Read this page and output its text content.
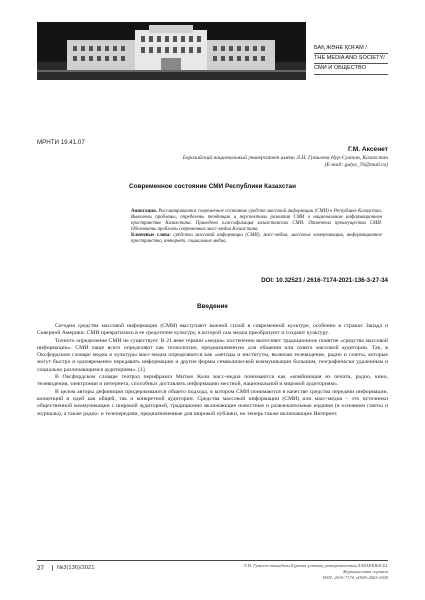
БАҚ ЖӘНЕ ҚОҒАМ /
THE MEDIA AND SOCIETY/
СМИ И ОБЩЕСТВО
МРНТИ 19.41.07
Г.М. Аксенет
Евразийский национальный университет имени Л.Н. Гумилева Нур-Султан, Казахстан
(E-mail: gulya_76@mail.ru)
Современное состояние СМИ Республики Казахстан

Аннотация. Рассматривается современное состояние средств массовой информации (СМИ) в Республике Казахстан. Выявлены проблемы, определены тенденции и перспективы развития СМИ в национальном информационном пространстве Казахстана. Приведена классификация казахстанских СМИ. Отмечены преимущества СМИ. Обозначены проблемы современных масс-медиа Казахстана.

Ключевые слова: средства массовой информации (СМИ), масс-медиа, массовые коммуникации, информационное пространство, интернет, социальные медиа.

DOI: 10.32523 / 2616-7174-2021-136-3-27-34
Введение

Сегодня средства массовой информации (СМИ) выступают важной силой в современной культуре, особенно в странах Запада и Северной Америки. СМИ превратились в ее средоточие культуру, в которой сам медиа преобразуют и создают культуру.

Точного определения СМИ не существует. В 21 веке термин «медиа» постепенно вытесняет традиционное понятие «средства массовой информации». СМИ чаще всего определяют как технологию, предназначенную для общения или охвата массовой аудитории. Так, в Оксфордском словаре медиа и культуры масс-медиа определяются как «методы и институты, включая телевидение, радио и газеты, которые могут быстро и одновременно передавать информацию и другие формы символической коммуникации большим, географически удаленным и социально различающимся аудиториям». [1]

В Оксфордском словаре театрал перифразил Митью Коли масс-медиа понимаются как «комбинация из печати, радио, кино, телевидения, электронии и интернета, способных доставлять информацию местной, национальной и мировой аудиториям».

В целом авторы дефиниции придерживаются общего подхода, в котором СМИ понимаются в качестве средства передачи информации, концепций и идей как общей, так и конкретной аудитории. Средства массовой информации (СМИ) или масс-медиа – это источники общественной коммуникации с широкой аудиторией, традиционно включающие новостные и развлекательные издания (в основном газеты и журналы), а также радио- и телепередачи, предназначенные для широкой публики, но теперь также включающие Интернет.

27	№3(136)/2021	Л.Н. Гумилев атындағы Еуразия ұлттық университетінің ХАБАРШЫСЫ.
Журналистика сериясы
ISSN: 2616-7174, eISSN:2663-2500
